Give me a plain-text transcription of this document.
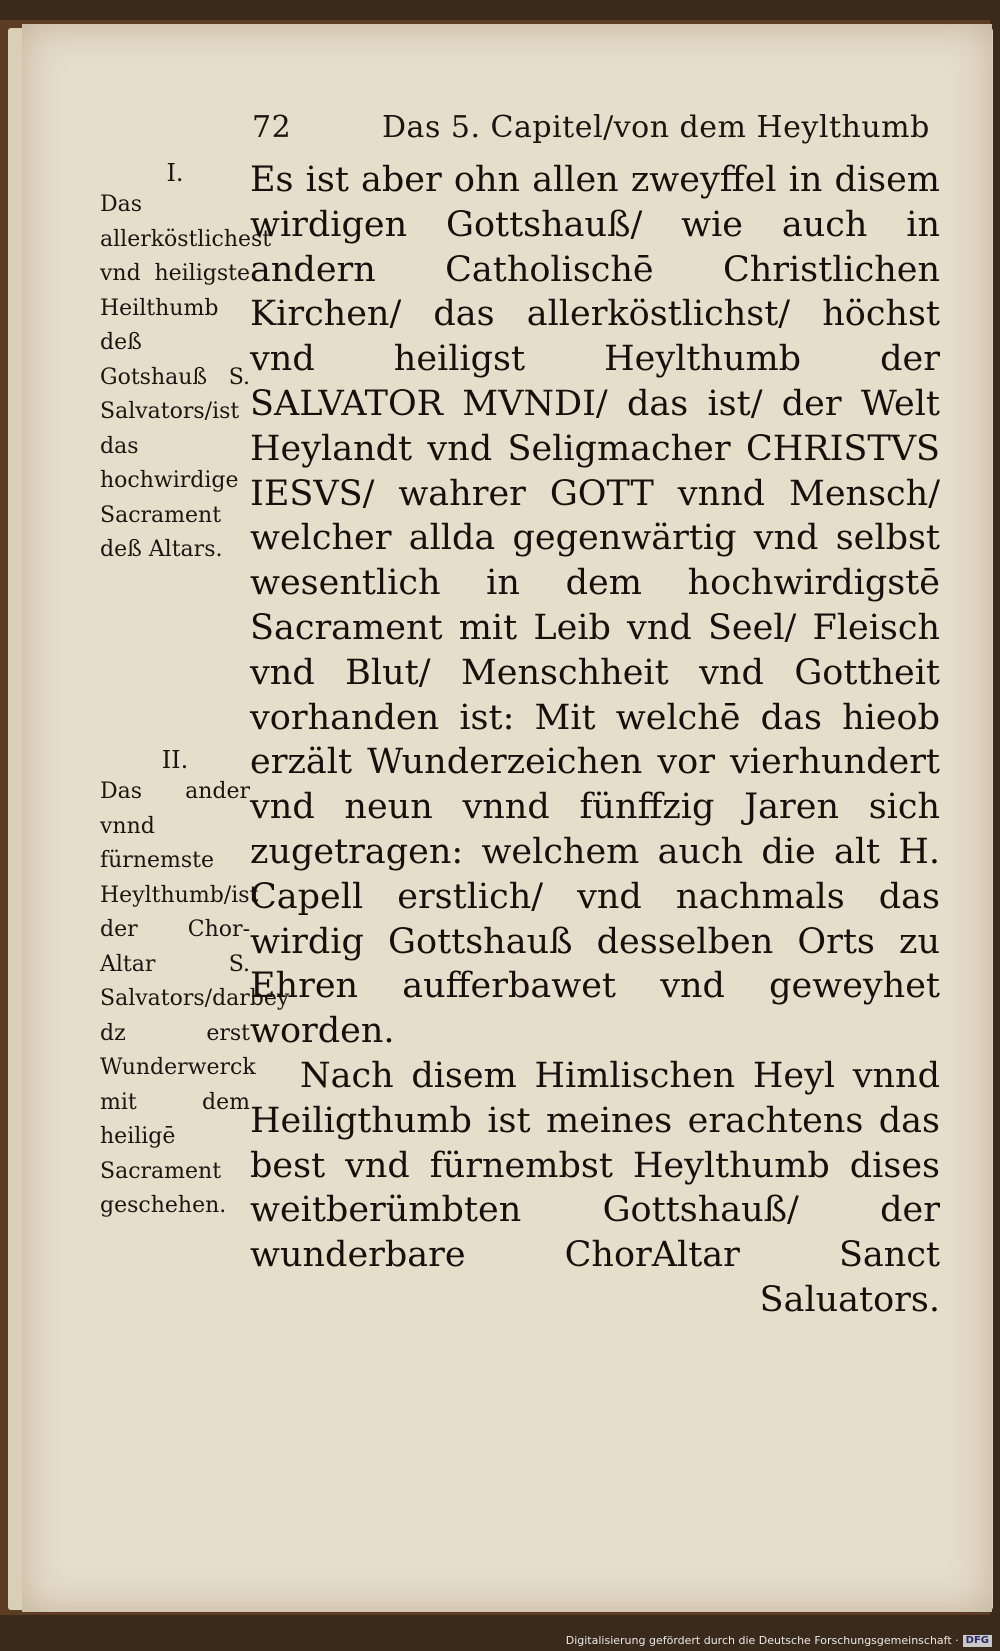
72	Das 5. Capitel/von dem Heylthumb
I.
Das allerköstlichest vnd heiligste Heilthumb deß Gotshauß S. Salvators/ist das hochwirdige Sacrament deß Altars.
II.
Das ander vnnd fürnemste Heylthumb/ist der Chor-Altar S. Salvators/darbey dz erst Wunderwerck mit dem heiligē Sacrament geschehen.

Es ist aber ohn allen zweyffel in disem wirdigen Gottshauß/ wie auch in andern Catholischē Christlichen Kirchen/ das allerköstlichst/ höchst vnd heiligst Heylthumb der SALVATOR MVNDI/ das ist/ der Welt Heylandt vnd Seligmacher CHRISTVS IESVS/ wahrer GOTT vnnd Mensch/ welcher allda gegenwärtig vnd selbst wesentlich in dem hochwirdigstē Sacrament mit Leib vnd Seel/ Fleisch vnd Blut/ Menschheit vnd Gottheit vorhanden ist: Mit welchē das hieob erzält Wunderzeichen vor vierhundert vnd neun vnnd fünffzig Jaren sich zugetragen: welchem auch die alt H. Capell erstlich/ vnd nachmals das wirdig Gottshauß desselben Orts zu Ehren aufferbawet vnd geweyhet worden.

Nach disem Himlischen Heyl vnnd Heiligthumb ist meines erachtens das best vnd fürnembst Heylthumb dises weitberümbten Gottshauß/ der wunderbare ChorAltar Sanct Saluators.

Digitalisierung gefördert durch die Deutsche Forschungsgemeinschaft · DFG
